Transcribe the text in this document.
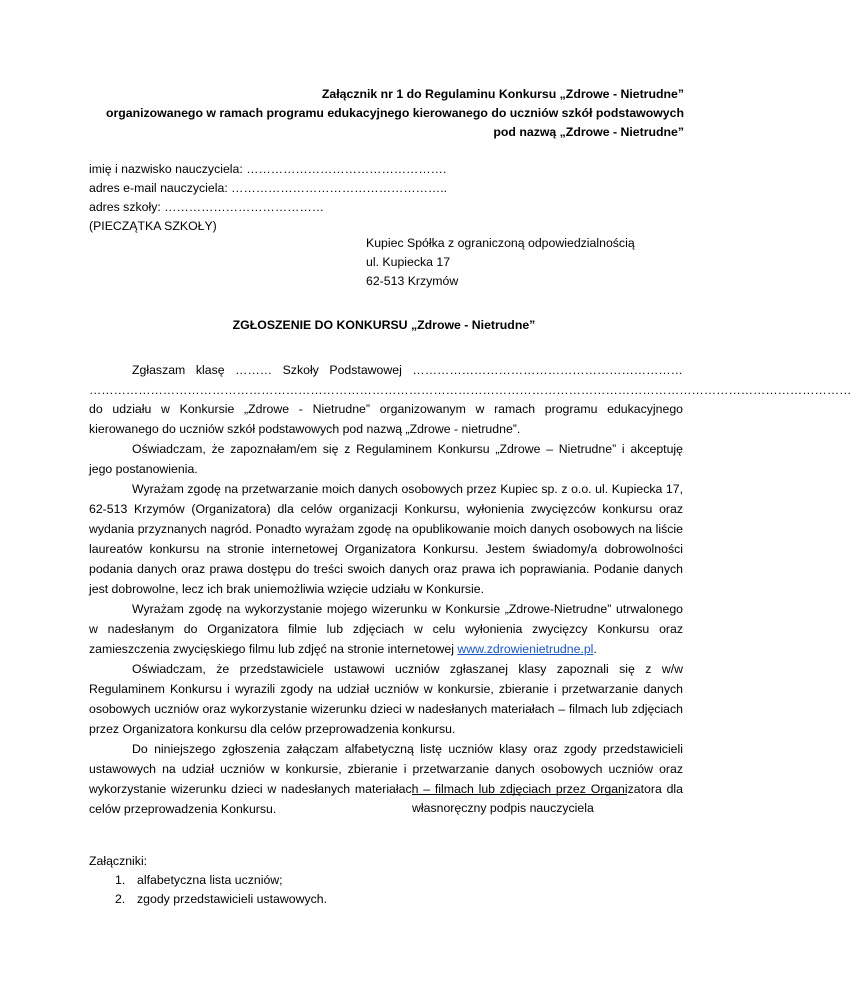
Załącznik nr 1 do Regulaminu Konkursu „Zdrowe - Nietrudne”
organizowanego w ramach programu edukacyjnego kierowanego do uczniów szkół podstawowych
pod nazwą „Zdrowe - Nietrudne”
imię i nazwisko nauczyciela: ………………………………………….
adres e-mail nauczyciela: ……………………………………………..
adres szkoły: …………………………………
(PIECZĄTKA SZKOŁY)
Kupiec Spółka z ograniczoną odpowiedzialnością
ul. Kupiecka 17
62-513 Krzymów
ZGŁOSZENIE DO KONKURSU „Zdrowe - Nietrudne”
Zgłaszam klasę ……… Szkoły Podstawowej …………………………………………………………
……………………………………………………………………………………………………………………………………………………………………

do udziału w Konkursie „Zdrowe - Nietrudne” organizowanym w ramach programu edukacyjnego kierowanego do uczniów szkół podstawowych pod nazwą „Zdrowe - nietrudne”.

Oświadczam, że zapoznałam/em się z Regulaminem Konkursu „Zdrowe – Nietrudne” i akceptuję jego postanowienia.

Wyrażam zgodę na przetwarzanie moich danych osobowych przez Kupiec sp. z o.o. ul. Kupiecka 17, 62-513 Krzymów (Organizatora) dla celów organizacji Konkursu, wyłonienia zwycięzców konkursu oraz wydania przyznanych nagród. Ponadto wyrażam zgodę na opublikowanie moich danych osobowych na liście laureatów konkursu na stronie internetowej Organizatora Konkursu. Jestem świadomy/a dobrowolności podania danych oraz prawa dostępu do treści swoich danych oraz prawa ich poprawiania. Podanie danych jest dobrowolne, lecz ich brak uniemożliwia wzięcie udziału w Konkursie.

Wyrażam zgodę na wykorzystanie mojego wizerunku w Konkursie „Zdrowe-Nietrudne” utrwalonego w nadesłanym do Organizatora filmie lub zdjęciach w celu wyłonienia zwycięzcy Konkursu oraz zamieszczenia zwycięskiego filmu lub zdjęć na stronie internetowej www.zdrowienietrudne.pl.

Oświadczam, że przedstawiciele ustawowi uczniów zgłaszanej klasy zapoznali się z w/w Regulaminem Konkursu i wyrazili zgody na udział uczniów w konkursie, zbieranie i przetwarzanie danych osobowych uczniów oraz wykorzystanie wizerunku dzieci w nadesłanych materiałach – filmach lub zdjęciach przez Organizatora konkursu dla celów przeprowadzenia konkursu.

Do niniejszego zgłoszenia załączam alfabetyczną listę uczniów klasy oraz zgody przedstawicieli ustawowych na udział uczniów w konkursie, zbieranie i przetwarzanie danych osobowych uczniów oraz wykorzystanie wizerunku dzieci w nadesłanych materiałach – filmach lub zdjęciach przez Organizatora dla celów przeprowadzenia Konkursu.	własnoręczny podpis nauczyciela
Załączniki:
1. alfabetyczna lista uczniów;
2. zgody przedstawicieli ustawowych.
